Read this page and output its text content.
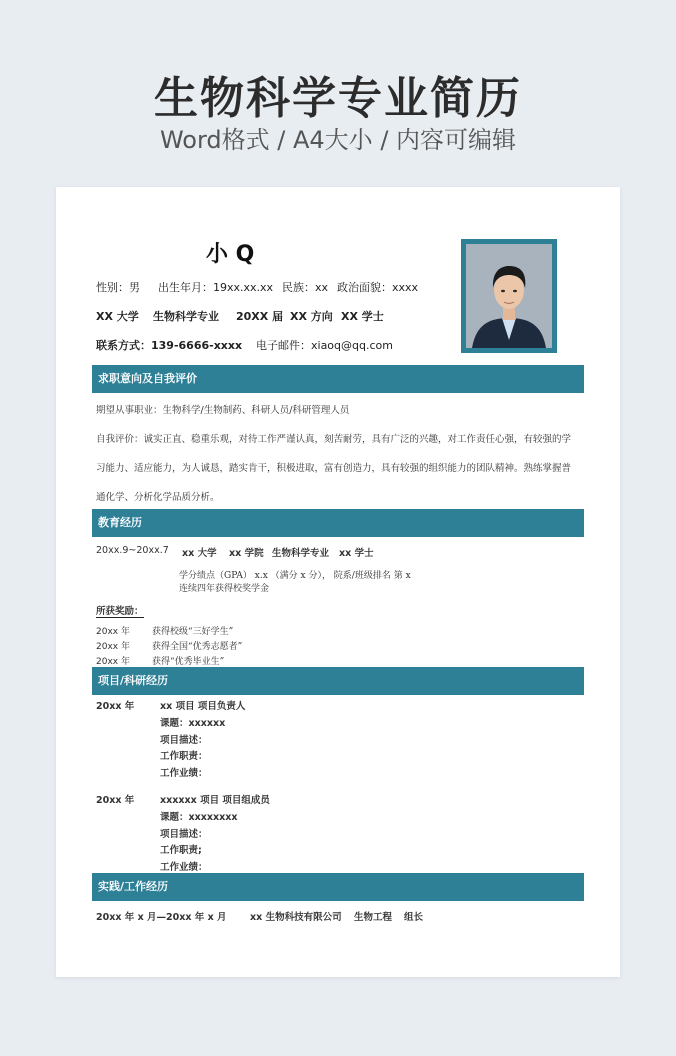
生物科学专业简历
Word格式 / A4大小 / 内容可编辑
小 Q
性别：男 出生年月：19xx.xx.xx 民族：xx 政治面貌：xxxx
XX 大学 生物科学专业 20XX 届 XX 方向 XX 学士
联系方式：139-6666-xxxx 电子邮件：xiaoq@qq.com
求职意向及自我评价
期望从事职业：生物科学/生物制药、科研人员/科研管理人员
自我评价：诚实正直、稳重乐观，对待工作严谨认真，刻苦耐劳，具有广泛的兴趣，对工作责任心强，有较强的学
习能力、适应能力，为人诚恳，踏实肯干，积极进取，富有创造力，具有较强的组织能力的团队精神。熟练掌握普
通化学、分析化学品质分析。
教育经历
20xx.9~20xx.7 xx 大学 xx 学院 生物科学专业 xx 学士
学分绩点（GPA） x.x （满分 x 分）， 院系/班级排名 第 x
连续四年获得校奖学金
所获奖励：
20xx 年 获得校级“三好学生”
20xx 年 获得全国“优秀志愿者”
20xx 年 获得“优秀毕业生”
项目/科研经历
20xx 年	xx 项目 项目负责人
课题：xxxxxx
项目描述：
工作职责：
工作业绩：
20xx 年	xxxxxx 项目 项目组成员
课题：xxxxxxxx
项目描述：
工作职责;
工作业绩：
实践/工作经历
20xx 年 x 月—20xx 年 x 月 xx 生物科技有限公司 生物工程 组长
